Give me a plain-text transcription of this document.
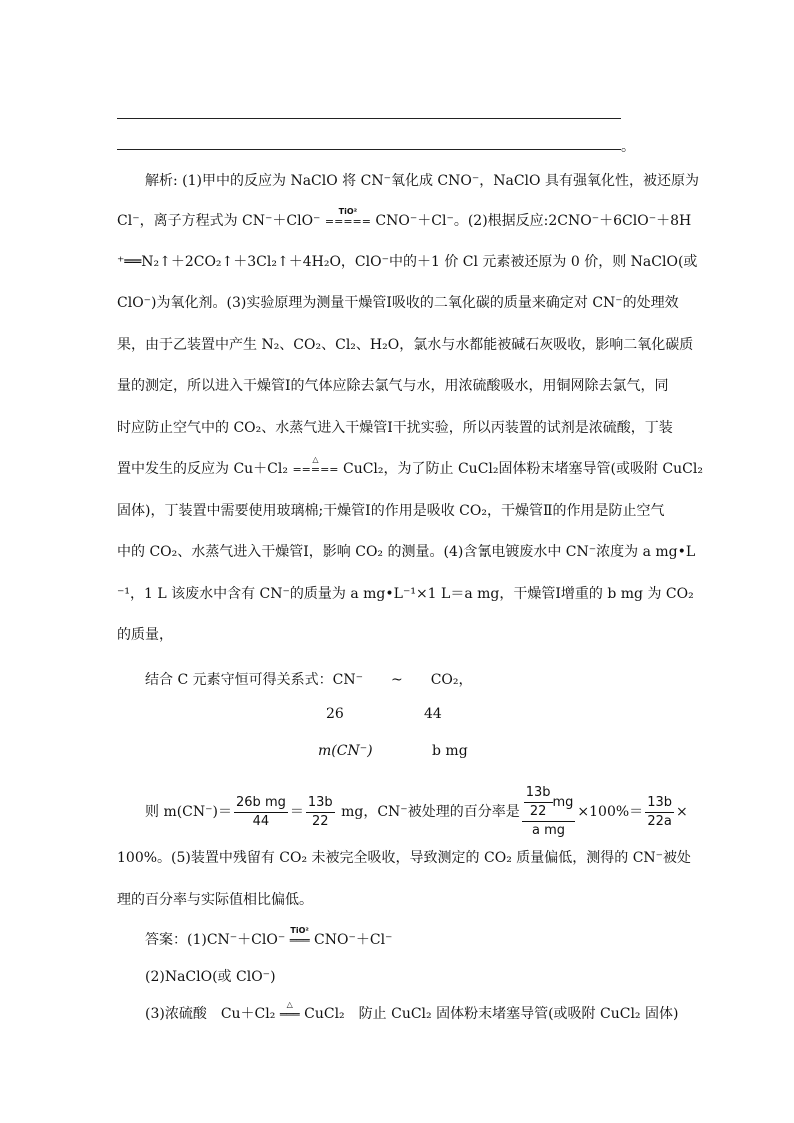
。
解析: (1)甲中的反应为 NaClO 将 CN⁻氧化成 CNO⁻，NaClO 具有强氧化性，被还原为
Cl⁻，离子方程式为 CN⁻＋ClO⁻
TiO²
===== CNO⁻＋Cl⁻。(2)根据反应:2CNO⁻＋6ClO⁻＋8H
⁺══N₂↑＋2CO₂↑＋3Cl₂↑＋4H₂O，ClO⁻中的＋1 价 Cl 元素被还原为 0 价，则 NaClO(或
ClO⁻)为氧化剂。(3)实验原理为测量干燥管Ⅰ吸收的二氧化碳的质量来确定对 CN⁻的处理效
果，由于乙装置中产生 N₂、CO₂、Cl₂、H₂O，氯水与水都能被碱石灰吸收，影响二氧化碳质
量的测定，所以进入干燥管Ⅰ的气体应除去氯气与水，用浓硫酸吸水，用铜网除去氯气，同
时应防止空气中的 CO₂、水蒸气进入干燥管Ⅰ干扰实验，所以丙装置的试剂是浓硫酸，丁装
置中发生的反应为 Cu＋Cl₂
△
===== CuCl₂，为了防止 CuCl₂固体粉末堵塞导管(或吸附 CuCl₂
固体)，丁装置中需要使用玻璃棉;干燥管Ⅰ的作用是吸收 CO₂，干燥管Ⅱ的作用是防止空气
中的 CO₂、水蒸气进入干燥管Ⅰ，影响 CO₂ 的测量。(4)含氰电镀废水中 CN⁻浓度为 a mg•L
⁻¹，1 L 该废水中含有 CN⁻的质量为 a mg•L⁻¹×1 L＝a mg，干燥管Ⅰ增重的 b mg 为 CO₂
的质量，
结合 C 元素守恒可得关系式：CN⁻　　~　　CO₂，
26	44
m(CN⁻)	b mg
则 $m(CN^-)= \frac{\text{26b mg}}{44} = \frac{13b}{22}$ mg，CN⁻被处理的百分率是 $\frac{\frac{13b}{22} mg}{\text{a mg}} \times 100\%= \frac{13b}{22a}$ ×
100%。(5)装置中残留有 CO₂ 未被完全吸收，导致测定的 CO₂ 质量偏低，测得的 CN⁻被处
理的百分率与实际值相比偏低。
答案：(1)CN⁻＋ClO⁻
TiO²
═══ CNO⁻＋Cl⁻
(2)NaClO(或 ClO⁻)
(3)浓硫酸　Cu＋Cl₂
△
═══ CuCl₂　防止 CuCl₂ 固体粉末堵塞导管(或吸附 CuCl₂ 固体)
